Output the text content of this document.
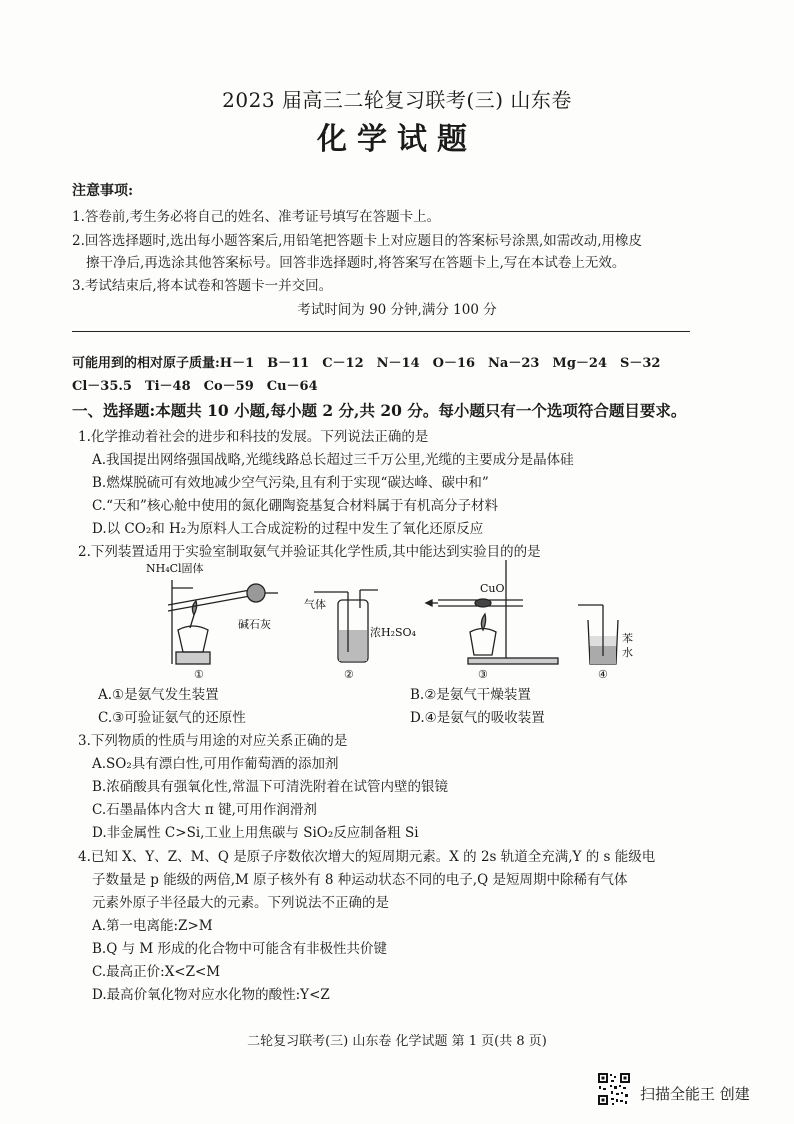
2023 届高三二轮复习联考(三) 山东卷
化学试题
注意事项:
1.答卷前,考生务必将自己的姓名、准考证号填写在答题卡上。
2.回答选择题时,选出每小题答案后,用铅笔把答题卡上对应题目的答案标号涂黑,如需改动,用橡皮
擦干净后,再选涂其他答案标号。回答非选择题时,将答案写在答题卡上,写在本试卷上无效。
3.考试结束后,将本试卷和答题卡一并交回。
考试时间为 90 分钟,满分 100 分
可能用到的相对原子质量:H－1　B－11　C－12　N－14　O－16　Na－23　Mg－24　S－32
Cl－35.5　Ti－48　Co－59　Cu－64
一、选择题:本题共 10 小题,每小题 2 分,共 20 分。每小题只有一个选项符合题目要求。
1.化学推动着社会的进步和科技的发展。下列说法正确的是
A.我国提出网络强国战略,光缆线路总长超过三千万公里,光缆的主要成分是晶体硅
B.燃煤脱硫可有效地减少空气污染,且有利于实现“碳达峰、碳中和”
C.“天和”核心舱中使用的氮化硼陶瓷基复合材料属于有机高分子材料
D.以 CO₂和 H₂为原料人工合成淀粉的过程中发生了氧化还原反应
2.下列装置适用于实验室制取氨气并验证其化学性质,其中能达到实验目的的是
NH₄Cl固体
碱石灰
气体
浓H₂SO₄
CuO
苯
水
①	②	③	④
A.①是氨气发生装置	B.②是氨气干燥装置
C.③可验证氨气的还原性	D.④是氨气的吸收装置
3.下列物质的性质与用途的对应关系正确的是
A.SO₂具有漂白性,可用作葡萄酒的添加剂
B.浓硝酸具有强氧化性,常温下可清洗附着在试管内壁的银镜
C.石墨晶体内含大 π 键,可用作润滑剂
D.非金属性 C>Si,工业上用焦碳与 SiO₂反应制备粗 Si
4.已知 X、Y、Z、M、Q 是原子序数依次增大的短周期元素。X 的 2s 轨道全充满,Y 的 s 能级电
子数量是 p 能级的两倍,M 原子核外有 8 种运动状态不同的电子,Q 是短周期中除稀有气体
元素外原子半径最大的元素。下列说法不正确的是
A.第一电离能:Z>M
B.Q 与 M 形成的化合物中可能含有非极性共价键
C.最高正价:X<Z<M
D.最高价氧化物对应水化物的酸性:Y<Z
二轮复习联考(三) 山东卷 化学试题 第 1 页(共 8 页)
扫描全能王 创建
